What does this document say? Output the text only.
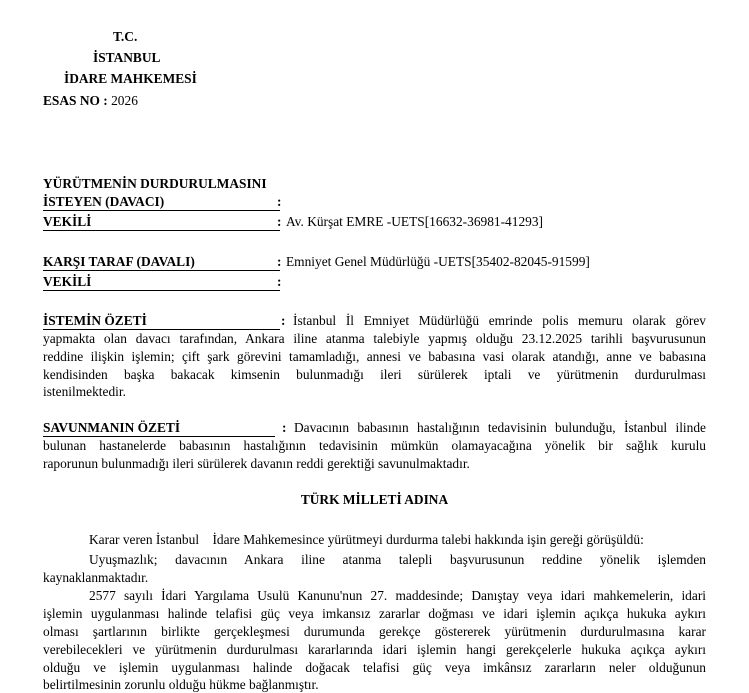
T.C.
İSTANBUL
İDARE MAHKEMESİ
ESAS NO : 2026
YÜRÜTMENİN DURDURULMASINI
İSTEYEN (DAVACI)	:
VEKİLİ	: Av. Kürşat EMRE -UETS[16632-36981-41293]
KARŞI TARAF (DAVALI)	: Emniyet Genel Müdürlüğü -UETS[35402-82045-91599]
VEKİLİ	:
İSTEMİN ÖZETİ	: İstanbul İl Emniyet Müdürlüğü emrinde polis memuru olarak görev
yapmakta olan davacı tarafından, Ankara iline atanma talebiyle yapmış olduğu 23.12.2025 tarihli başvurusunun
reddine ilişkin işlemin; çift şark görevini tamamladığı, annesi ve babasına vasi olarak atandığı, anne ve babasına
kendisinden başka bakacak kimsenin bulunmadığı ileri sürülerek iptali ve yürütmenin durdurulması
istenilmektedir.
SAVUNMANIN ÖZETİ	: Davacının babasının hastalığının tedavisinin bulunduğu, İstanbul ilinde
bulunan hastanelerde babasının hastalığının tedavisinin mümkün olamayacağına yönelik bir sağlık kurulu
raporunun bulunmadığı ileri sürülerek davanın reddi gerektiği savunulmaktadır.
TÜRK MİLLETİ ADINA
Karar veren İstanbul    İdare Mahkemesince yürütmeyi durdurma talebi hakkında işin gereği görüşüldü:
Uyuşmazlık; davacının Ankara iline atanma talepli başvurusunun reddine yönelik işlemden
kaynaklanmaktadır.
2577 sayılı İdari Yargılama Usulü Kanunu'nun 27. maddesinde; Danıştay veya idari mahkemelerin, idari
işlemin uygulanması halinde telafisi güç veya imkansız zararlar doğması ve idari işlemin açıkça hukuka aykırı
olması şartlarının birlikte gerçekleşmesi durumunda gerekçe göstererek yürütmenin durdurulmasına karar
verebilecekleri ve yürütmenin durdurulması kararlarında idari işlemin hangi gerekçelerle hukuka açıkça aykırı
olduğu ve işlemin uygulanması halinde doğacak telafisi güç veya imkânsız zararların neler olduğunun
belirtilmesinin zorunlu olduğu hükme bağlanmıştır.
